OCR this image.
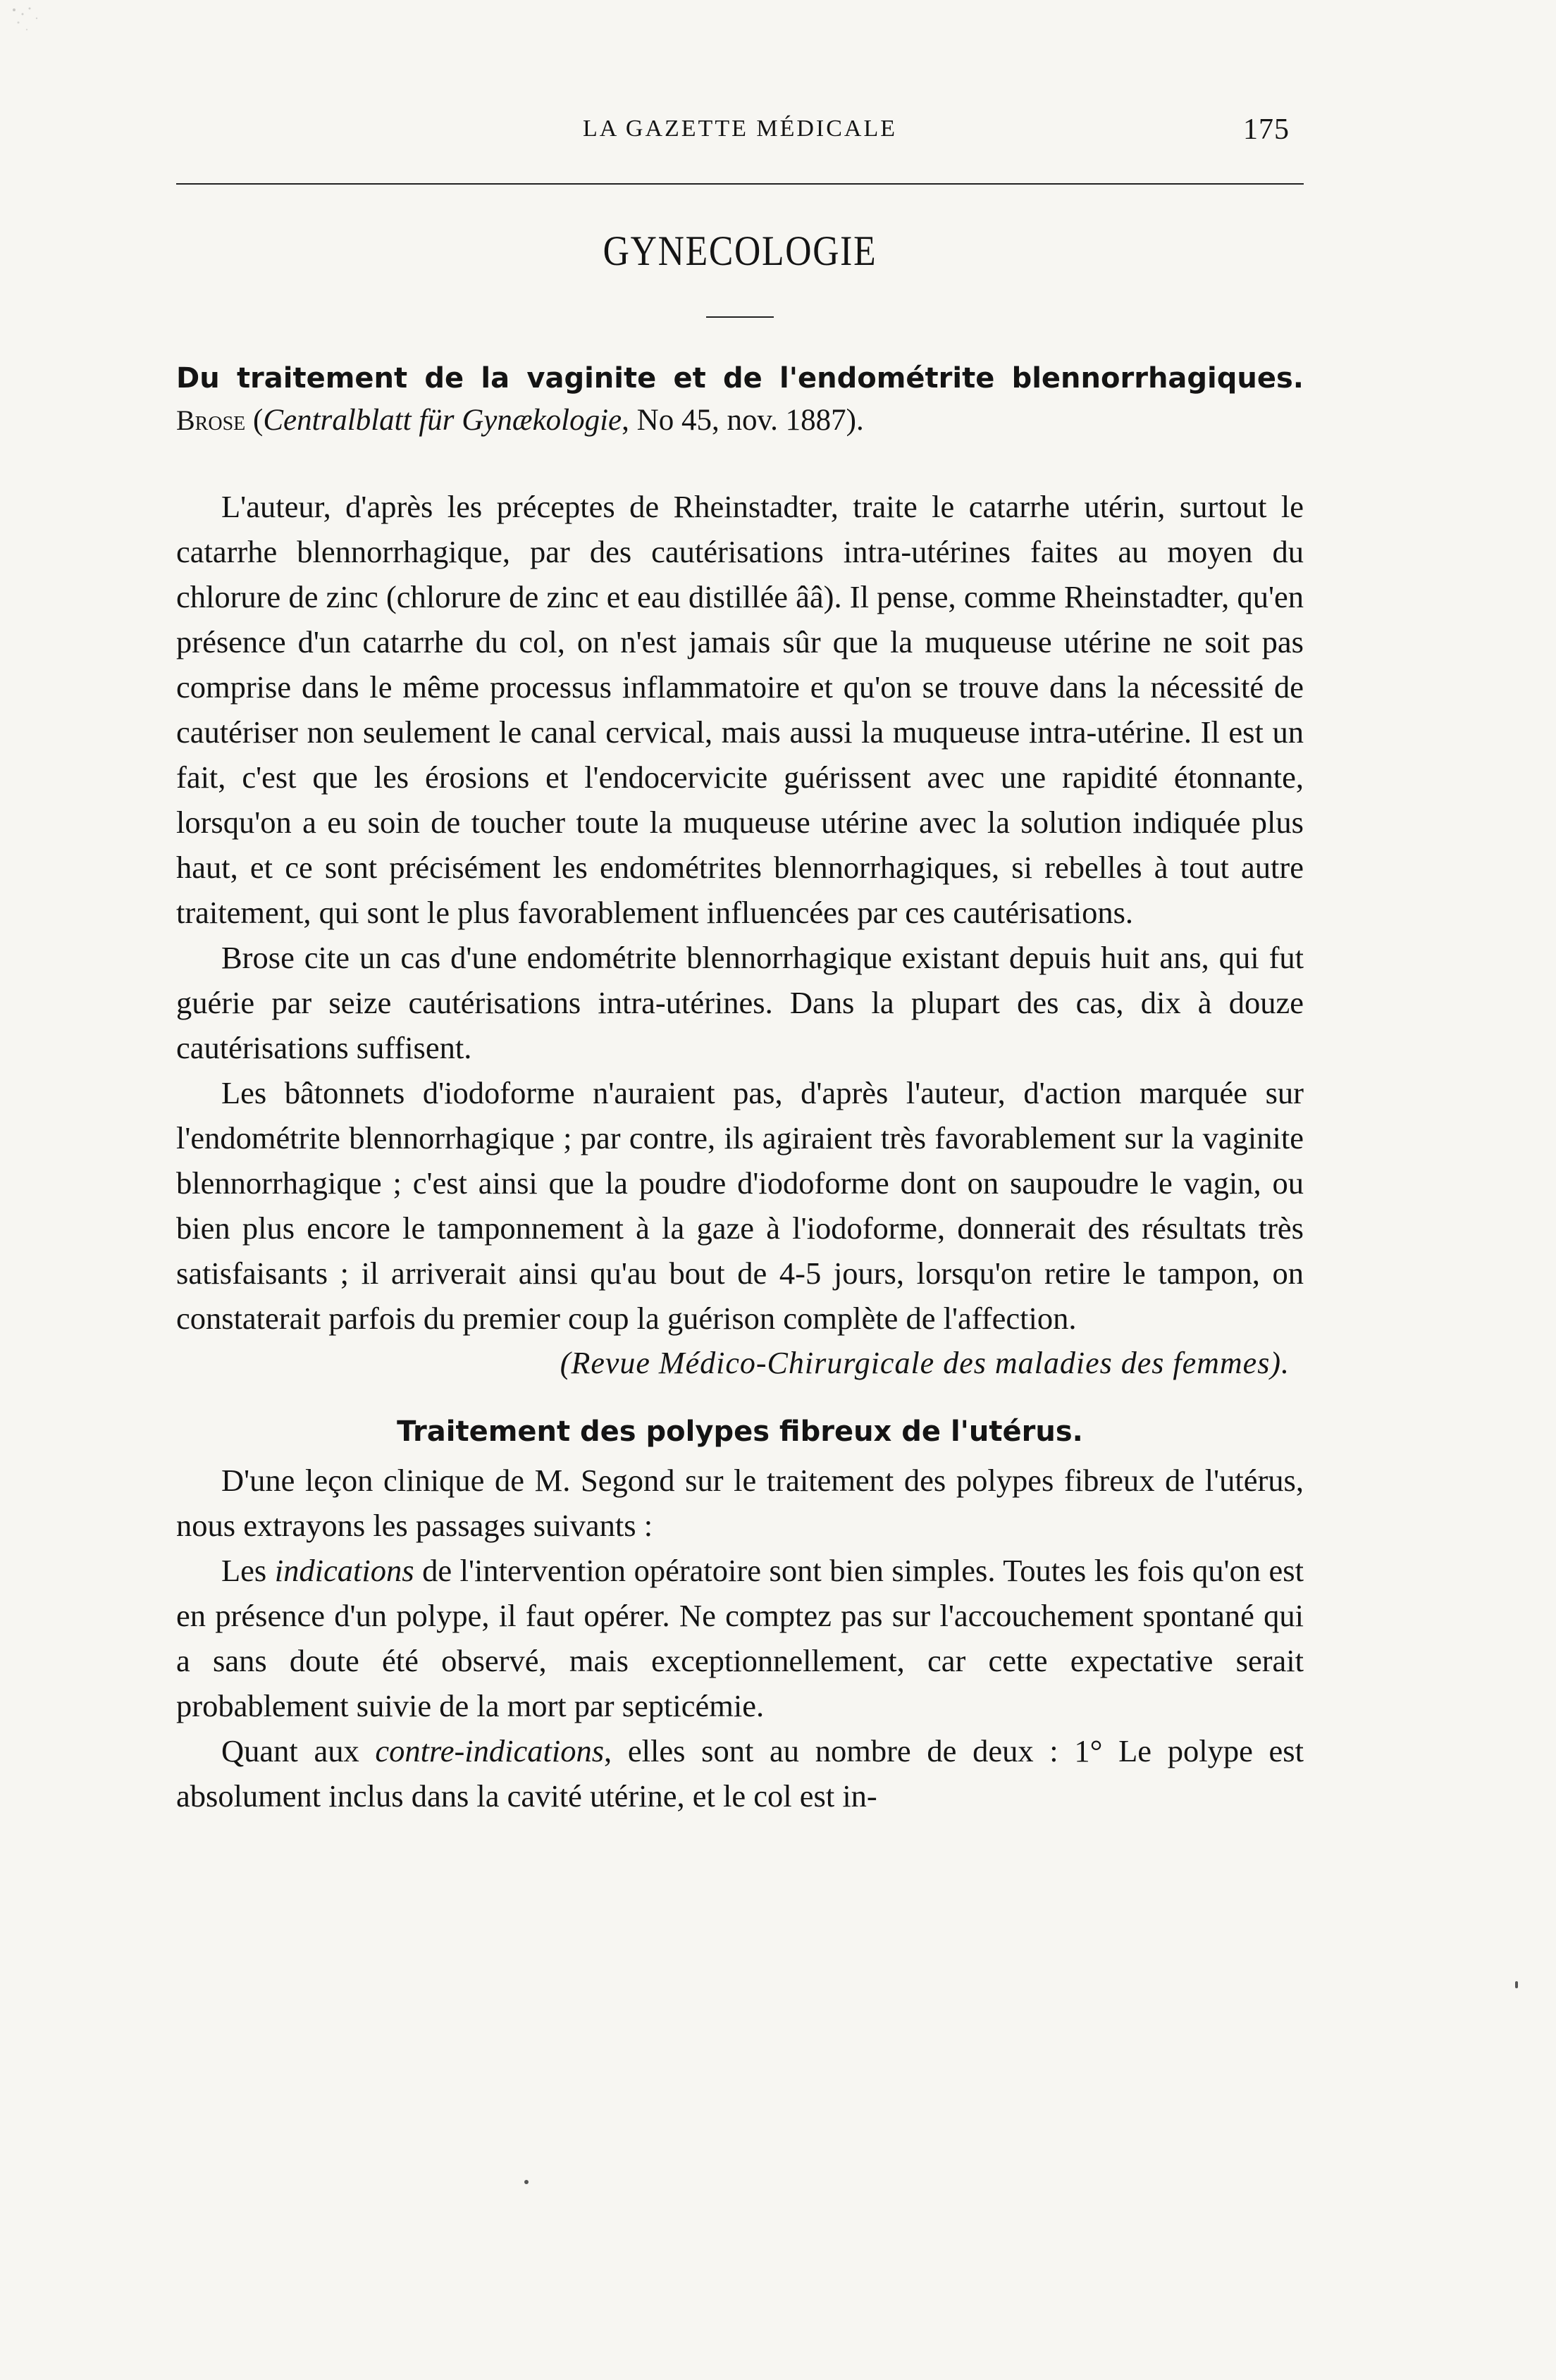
LA GAZETTE MÉDICALE	175
GYNECOLOGIE
Du traitement de la vaginite et de l'endométrite blennorrhagiques. Brose (Centralblatt für Gynækologie, No 45, nov. 1887).

L'auteur, d'après les préceptes de Rheinstadter, traite le catarrhe utérin, surtout le catarrhe blennorrhagique, par des cautérisations intra-utérines faites au moyen du chlorure de zinc (chlorure de zinc et eau distillée ââ). Il pense, comme Rheinstadter, qu'en présence d'un catarrhe du col, on n'est jamais sûr que la muqueuse utérine ne soit pas comprise dans le même processus inflammatoire et qu'on se trouve dans la nécessité de cautériser non seulement le canal cervical, mais aussi la muqueuse intra-utérine. Il est un fait, c'est que les érosions et l'endocervicite guérissent avec une rapidité étonnante, lorsqu'on a eu soin de toucher toute la muqueuse utérine avec la solution indiquée plus haut, et ce sont précisément les endométrites blennorrhagiques, si rebelles à tout autre traitement, qui sont le plus favorablement influencées par ces cautérisations.

Brose cite un cas d'une endométrite blennorrhagique existant depuis huit ans, qui fut guérie par seize cautérisations intra-utérines. Dans la plupart des cas, dix à douze cautérisations suffisent.

Les bâtonnets d'iodoforme n'auraient pas, d'après l'auteur, d'action marquée sur l'endométrite blennorrhagique ; par contre, ils agiraient très favorablement sur la vaginite blennorrhagique ; c'est ainsi que la poudre d'iodoforme dont on saupoudre le vagin, ou bien plus encore le tamponnement à la gaze à l'iodoforme, donnerait des résultats très satisfaisants ; il arriverait ainsi qu'au bout de 4-5 jours, lorsqu'on retire le tampon, on constaterait parfois du premier coup la guérison complète de l'affection.

(Revue Médico-Chirurgicale des maladies des femmes).
Traitement des polypes fibreux de l'utérus.

D'une leçon clinique de M. Segond sur le traitement des polypes fibreux de l'utérus, nous extrayons les passages suivants :

Les indications de l'intervention opératoire sont bien simples. Toutes les fois qu'on est en présence d'un polype, il faut opérer. Ne comptez pas sur l'accouchement spontané qui a sans doute été observé, mais exceptionnellement, car cette expectative serait probablement suivie de la mort par septicémie.

Quant aux contre-indications, elles sont au nombre de deux : 1° Le polype est absolument inclus dans la cavité utérine, et le col est in-
